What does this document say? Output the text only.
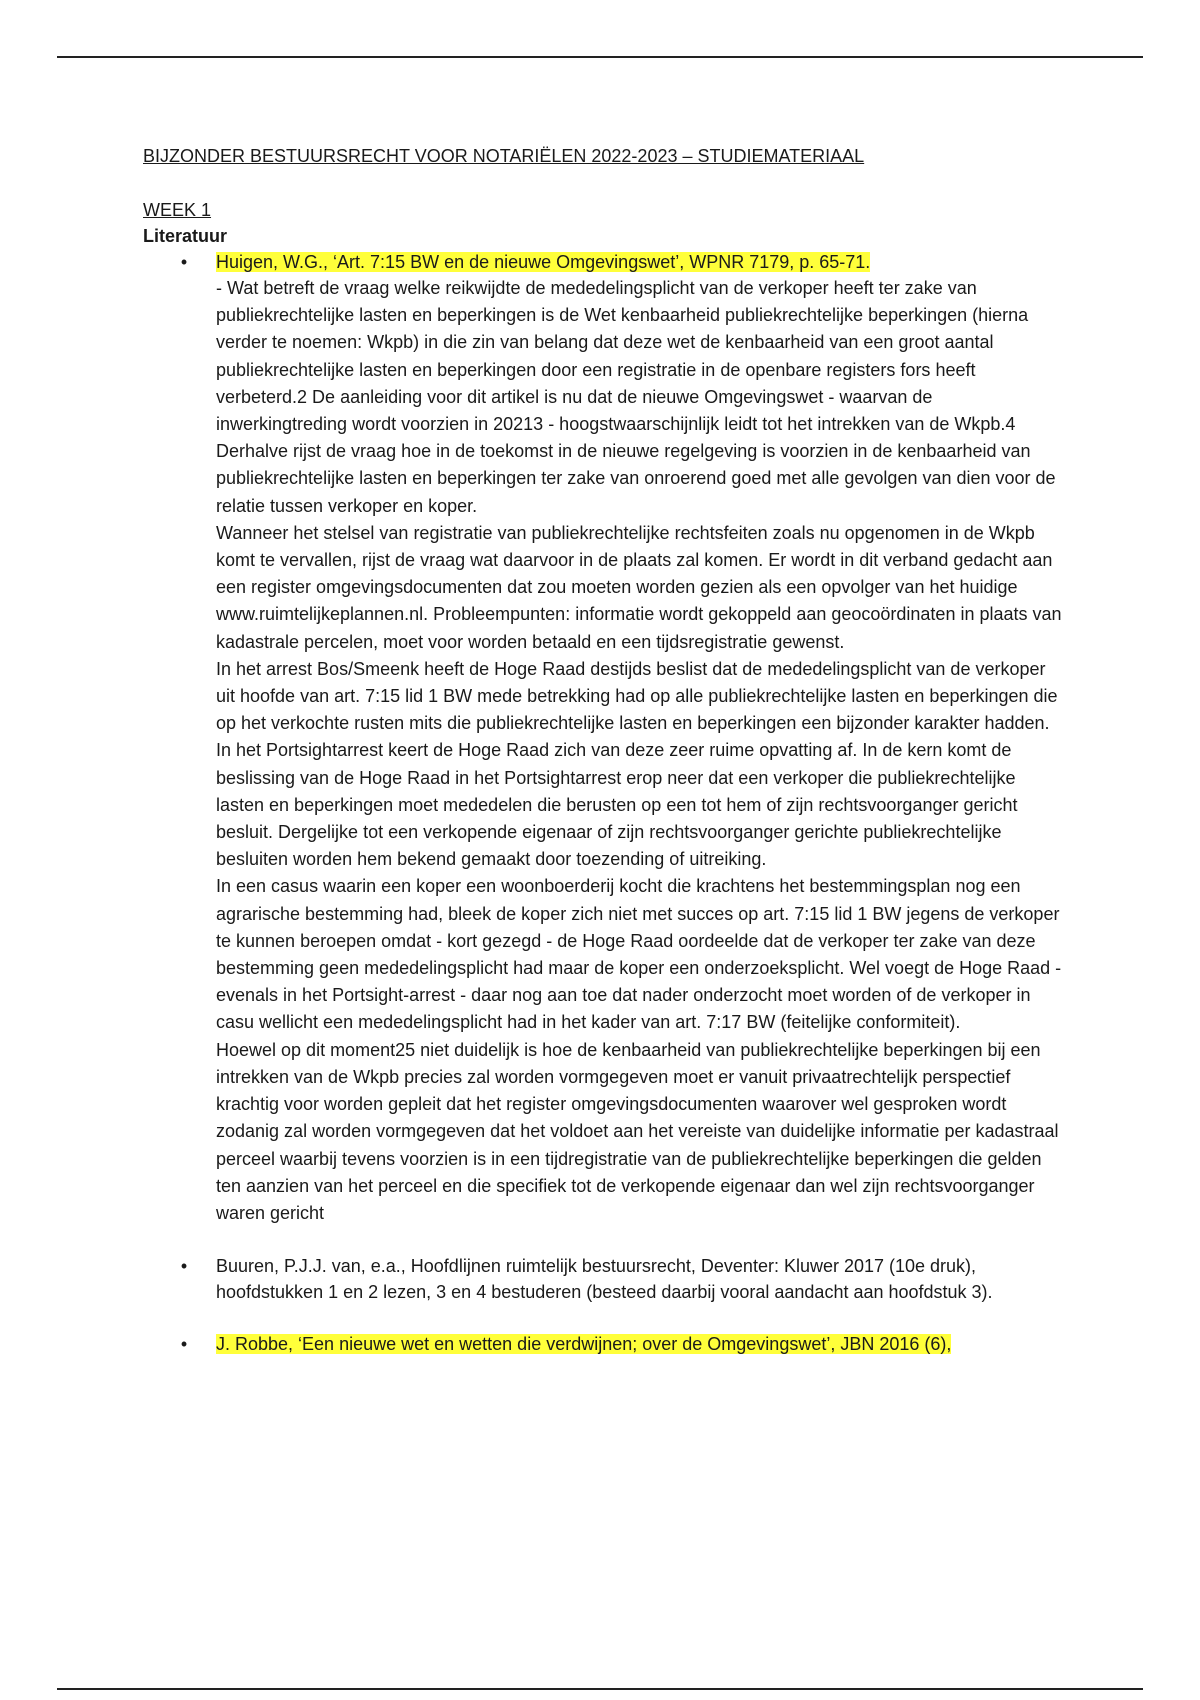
BIJZONDER BESTUURSRECHT VOOR NOTARIËLEN 2022-2023 – STUDIEMATERIAAL
WEEK 1
Literatuur
• Huigen, W.G., ‘Art. 7:15 BW en de nieuwe Omgevingswet’, WPNR 7179, p. 65-71.
- Wat betreft de vraag welke reikwijdte de mededelingsplicht van de verkoper heeft ter zake van publiekrechtelijke lasten en beperkingen is de Wet kenbaarheid publiekrechtelijke beperkingen (hierna verder te noemen: Wkpb) in die zin van belang dat deze wet de kenbaarheid van een groot aantal publiekrechtelijke lasten en beperkingen door een registratie in de openbare registers fors heeft verbeterd.2 De aanleiding voor dit artikel is nu dat de nieuwe Omgevingswet - waarvan de inwerkingtreding wordt voorzien in 20213 - hoogstwaarschijnlijk leidt tot het intrekken van de Wkpb.4 Derhalve rijst de vraag hoe in de toekomst in de nieuwe regelgeving is voorzien in de kenbaarheid van publiekrechtelijke lasten en beperkingen ter zake van onroerend goed met alle gevolgen van dien voor de relatie tussen verkoper en koper.
Wanneer het stelsel van registratie van publiekrechtelijke rechtsfeiten zoals nu opgenomen in de Wkpb komt te vervallen, rijst de vraag wat daarvoor in de plaats zal komen. Er wordt in dit verband gedacht aan een register omgevingsdocumenten dat zou moeten worden gezien als een opvolger van het huidige www.ruimtelijkeplannen.nl. Probleempunten: informatie wordt gekoppeld aan geocoördinaten in plaats van kadastrale percelen, moet voor worden betaald en een tijdsregistratie gewenst.
In het arrest Bos/Smeenk heeft de Hoge Raad destijds beslist dat de mededelingsplicht van de verkoper uit hoofde van art. 7:15 lid 1 BW mede betrekking had op alle publiekrechtelijke lasten en beperkingen die op het verkochte rusten mits die publiekrechtelijke lasten en beperkingen een bijzonder karakter hadden.
In het Portsightarrest keert de Hoge Raad zich van deze zeer ruime opvatting af. In de kern komt de beslissing van de Hoge Raad in het Portsightarrest erop neer dat een verkoper die publiekrechtelijke lasten en beperkingen moet mededelen die berusten op een tot hem of zijn rechtsvoorganger gericht besluit. Dergelijke tot een verkopende eigenaar of zijn rechtsvoorganger gerichte publiekrechtelijke
besluiten worden hem bekend gemaakt door toezending of uitreiking.
In een casus waarin een koper een woonboerderij kocht die krachtens het bestemmingsplan nog een agrarische bestemming had, bleek de koper zich niet met succes op art. 7:15 lid 1 BW jegens de verkoper te kunnen beroepen omdat - kort gezegd - de Hoge Raad oordeelde dat de verkoper ter zake van deze bestemming geen mededelingsplicht had maar de koper een onderzoeksplicht. Wel voegt de Hoge Raad - evenals in het Portsight-arrest - daar nog aan toe dat nader onderzocht moet worden of de verkoper in casu wellicht een mededelingsplicht had in het kader van art. 7:17 BW (feitelijke conformiteit).
Hoewel op dit moment25 niet duidelijk is hoe de kenbaarheid van publiekrechtelijke beperkingen bij een intrekken van de Wkpb precies zal worden vormgegeven moet er vanuit privaatrechtelijk perspectief krachtig voor worden gepleit dat het register omgevingsdocumenten waarover wel gesproken wordt zodanig zal worden vormgegeven dat het voldoet aan het vereiste van duidelijke informatie per kadastraal perceel waarbij tevens voorzien is in een tijdregistratie van de publiekrechtelijke beperkingen die gelden ten aanzien van het perceel en die specifiek tot de verkopende eigenaar dan wel zijn rechtsvoorganger waren gericht
• Buuren, P.J.J. van, e.a., Hoofdlijnen ruimtelijk bestuursrecht, Deventer: Kluwer 2017 (10e druk), hoofdstukken 1 en 2 lezen, 3 en 4 bestuderen (besteed daarbij vooral aandacht aan hoofdstuk 3).
• J. Robbe, ‘Een nieuwe wet en wetten die verdwijnen; over de Omgevingswet’, JBN 2016 (6),
